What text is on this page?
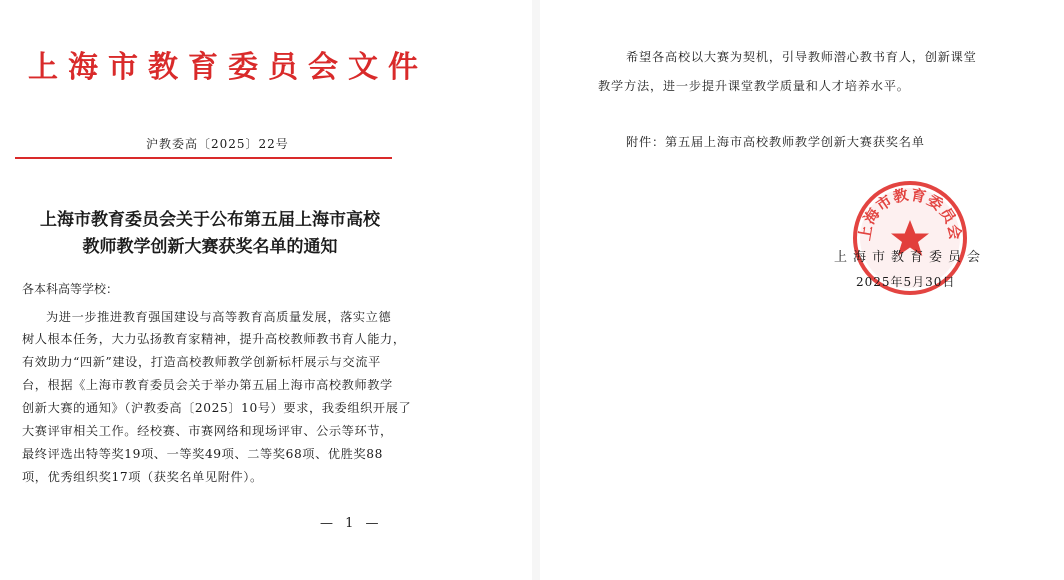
上海市教育委员会文件
沪教委高〔2025〕22号
上海市教育委员会关于公布第五届上海市高校
教师教学创新大赛获奖名单的通知
各本科高等学校：
为进一步推进教育强国建设与高等教育高质量发展，落实立德
树人根本任务，大力弘扬教育家精神，提升高校教师教书育人能力，
有效助力“四新”建设，打造高校教师教学创新标杆展示与交流平
台，根据《上海市教育委员会关于举办第五届上海市高校教师教学
创新大赛的通知》（沪教委高〔2025〕10号）要求，我委组织开展了
大赛评审相关工作。经校赛、市赛网络和现场评审、公示等环节，
最终评选出特等奖19项、一等奖49项、二等奖68项、优胜奖88
项，优秀组织奖17项（获奖名单见附件）。
— 1 —
希望各高校以大赛为契机，引导教师潜心教书育人，创新课堂
教学方法，进一步提升课堂教学质量和人才培养水平。
附件：第五届上海市高校教师教学创新大赛获奖名单
上海市教育委员会
上海市教育委员会
2025年5月30日
